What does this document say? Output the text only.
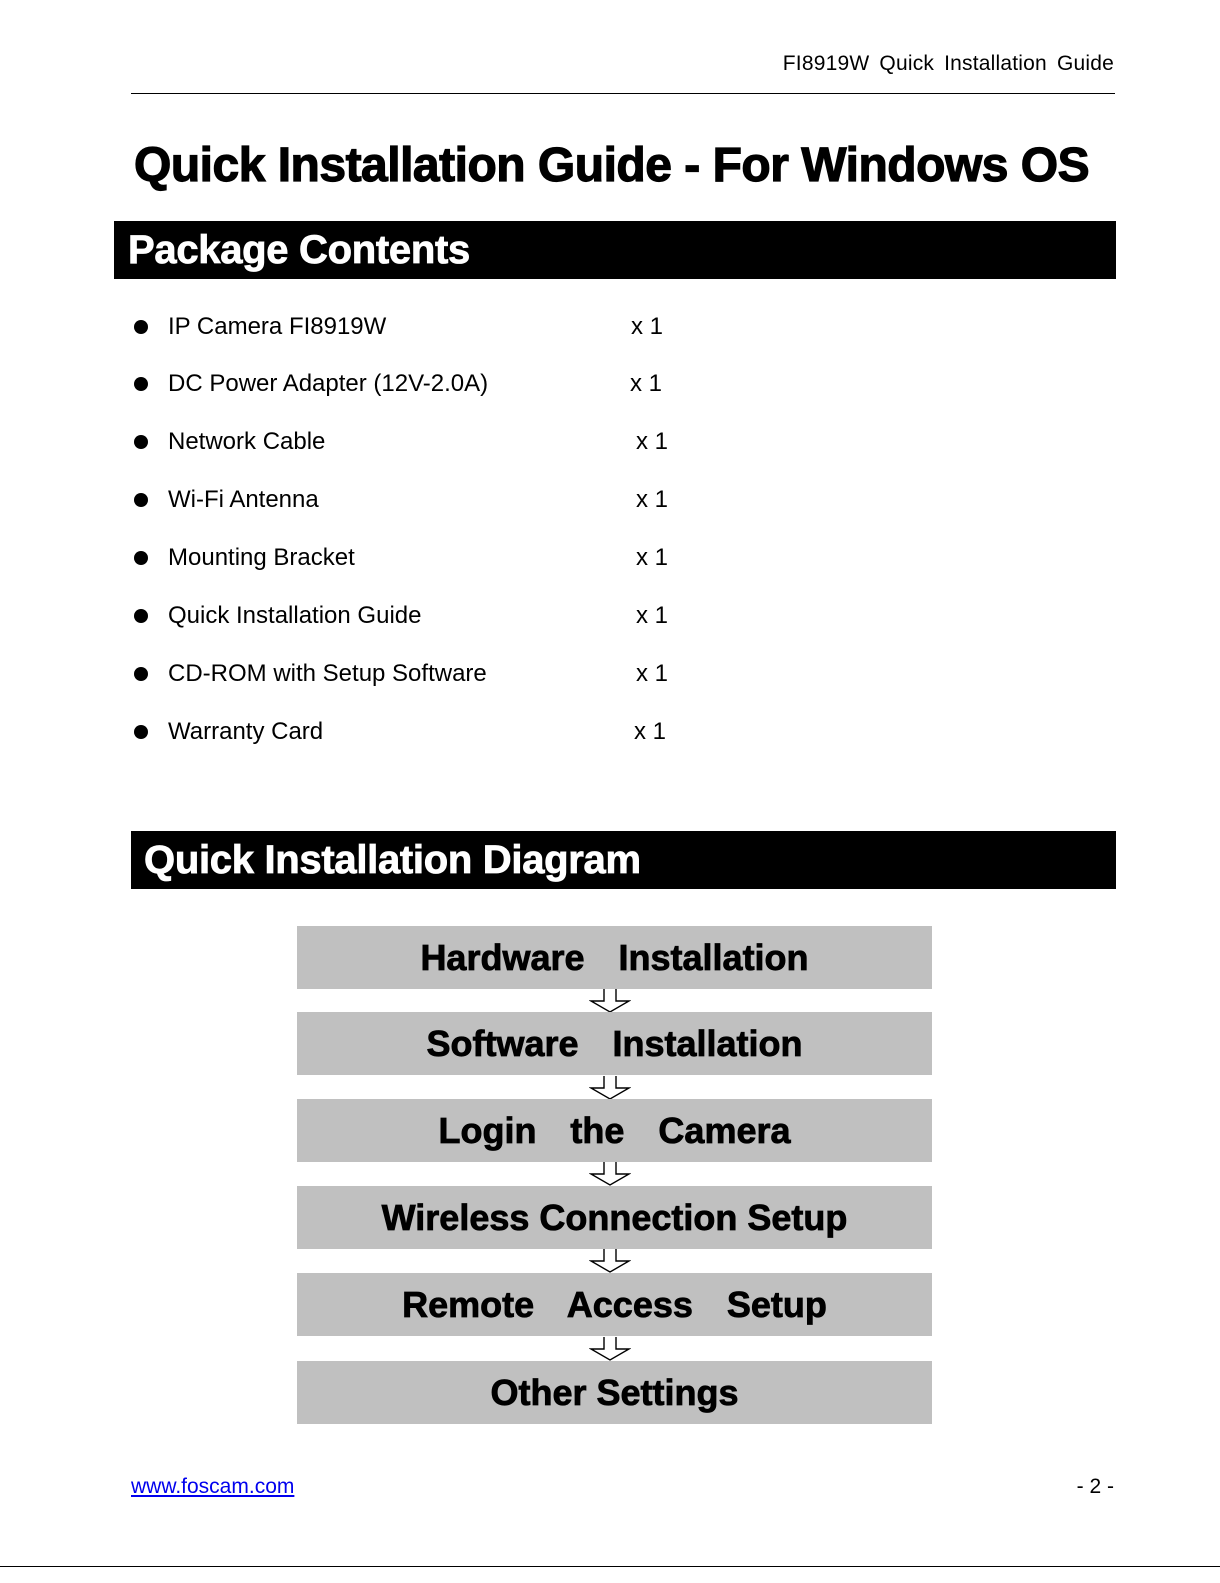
FI8919W Quick Installation Guide
Quick Installation Guide - For Windows OS
Package Contents
IP Camera FI8919W	x 1
DC Power Adapter (12V-2.0A)	x 1
Network Cable	x 1
Wi-Fi Antenna	x 1
Mounting Bracket	x 1
Quick Installation Guide	x 1
CD-ROM with Setup Software	x 1
Warranty Card	x 1
Quick Installation Diagram
Hardware Installation
Software Installation
Login the Camera
Wireless Connection Setup
Remote Access Setup
Other Settings
www.foscam.com	- 2 -
